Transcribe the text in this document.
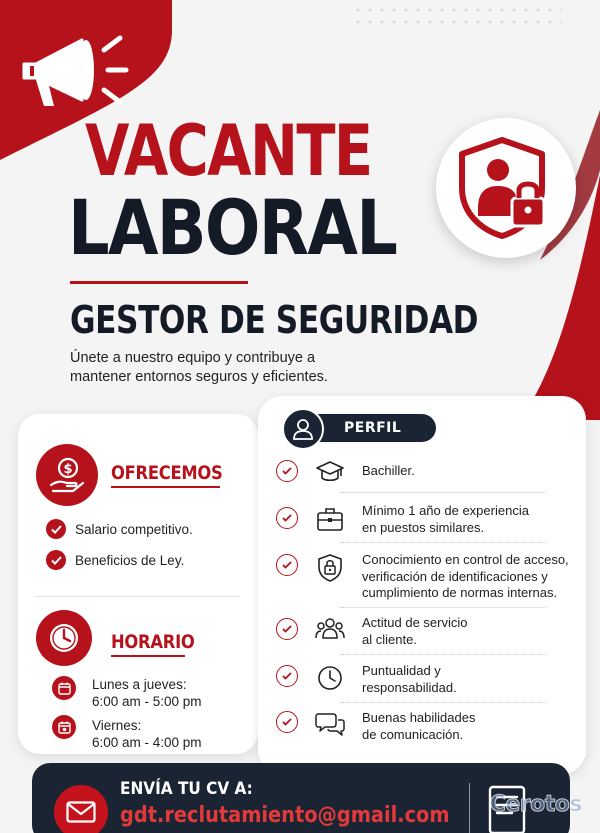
VACANTE
LABORAL
GESTOR DE SEGURIDAD
Únete a nuestro equipo y contribuye a mantener entornos seguros y eficientes.
$ OFRECEMOS
Salario competitivo.
Beneficios de Ley.
HORARIO
Lunes a jueves:
6:00 am - 5:00 pm
Viernes:
6:00 am - 4:00 pm
PERFIL
Bachiller.
Mínimo 1 año de experiencia
en puestos similares.
Conocimiento en control de acceso,
verificación de identificaciones y
cumplimiento de normas internas.
Actitud de servicio
al cliente.
Puntualidad y
responsabilidad.
Buenas habilidades
de comunicación.
ENVÍA TU CV A:
gdt.reclutamiento@gmail.com Cerotos
